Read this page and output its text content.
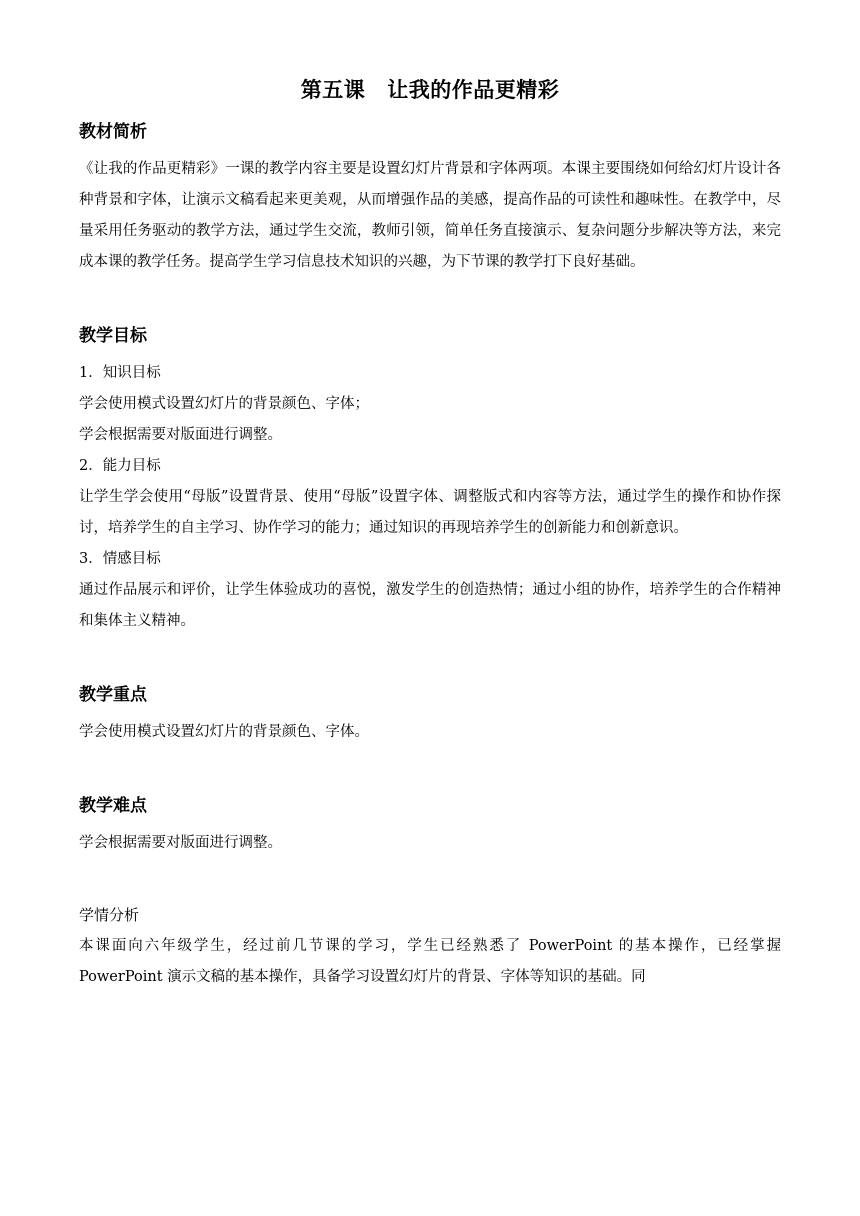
第五课 让我的作品更精彩
教材简析

《让我的作品更精彩》一课的教学内容主要是设置幻灯片背景和字体两项。本课主要围绕如何给幻灯片设计各种背景和字体，让演示文稿看起来更美观，从而增强作品的美感，提高作品的可读性和趣味性。在教学中，尽量采用任务驱动的教学方法，通过学生交流，教师引领，简单任务直接演示、复杂问题分步解决等方法，来完成本课的教学任务。提高学生学习信息技术知识的兴趣，为下节课的教学打下良好基础。

教学目标
1．知识目标
学会使用模式设置幻灯片的背景颜色、字体；
学会根据需要对版面进行调整。
2．能力目标

让学生学会使用“母版”设置背景、使用“母版”设置字体、调整版式和内容等方法，通过学生的操作和协作探讨，培养学生的自主学习、协作学习的能力；通过知识的再现培养学生的创新能力和创新意识。

3．情感目标

通过作品展示和评价，让学生体验成功的喜悦，激发学生的创造热情；通过小组的协作，培养学生的合作精神和集体主义精神。

教学重点

学会使用模式设置幻灯片的背景颜色、字体。

教学难点

学会根据需要对版面进行调整。

学情分析

本课面向六年级学生，经过前几节课的学习，学生已经熟悉了 PowerPoint 的基本操作，已经掌握 PowerPoint 演示文稿的基本操作，具备学习设置幻灯片的背景、字体等知识的基础。同
